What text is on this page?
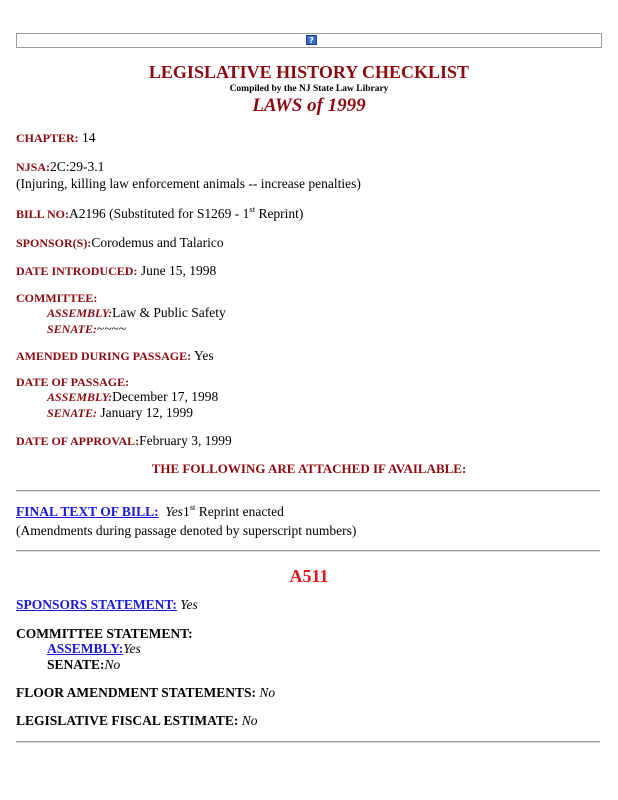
?
LEGISLATIVE HISTORY CHECKLIST
Compiled by the NJ State Law Library
LAWS of 1999
CHAPTER: 14
NJSA:2C:29-3.1
(Injuring, killing law enforcement animals -- increase penalties)
BILL NO:A2196 (Substituted for S1269 - 1st Reprint)
SPONSOR(S):Corodemus and Talarico
DATE INTRODUCED: June 15, 1998
COMMITTEE:
ASSEMBLY:Law & Public Safety
SENATE:~~~~
AMENDED DURING PASSAGE: Yes
DATE OF PASSAGE:
ASSEMBLY:December 17, 1998
SENATE: January 12, 1999
DATE OF APPROVAL:February 3, 1999
THE FOLLOWING ARE ATTACHED IF AVAILABLE:
FINAL TEXT OF BILL: Yes1st Reprint enacted
(Amendments during passage denoted by superscript numbers)
A511
SPONSORS STATEMENT: Yes
COMMITTEE STATEMENT:
ASSEMBLY:Yes
SENATE:No
FLOOR AMENDMENT STATEMENTS: No
LEGISLATIVE FISCAL ESTIMATE: No
